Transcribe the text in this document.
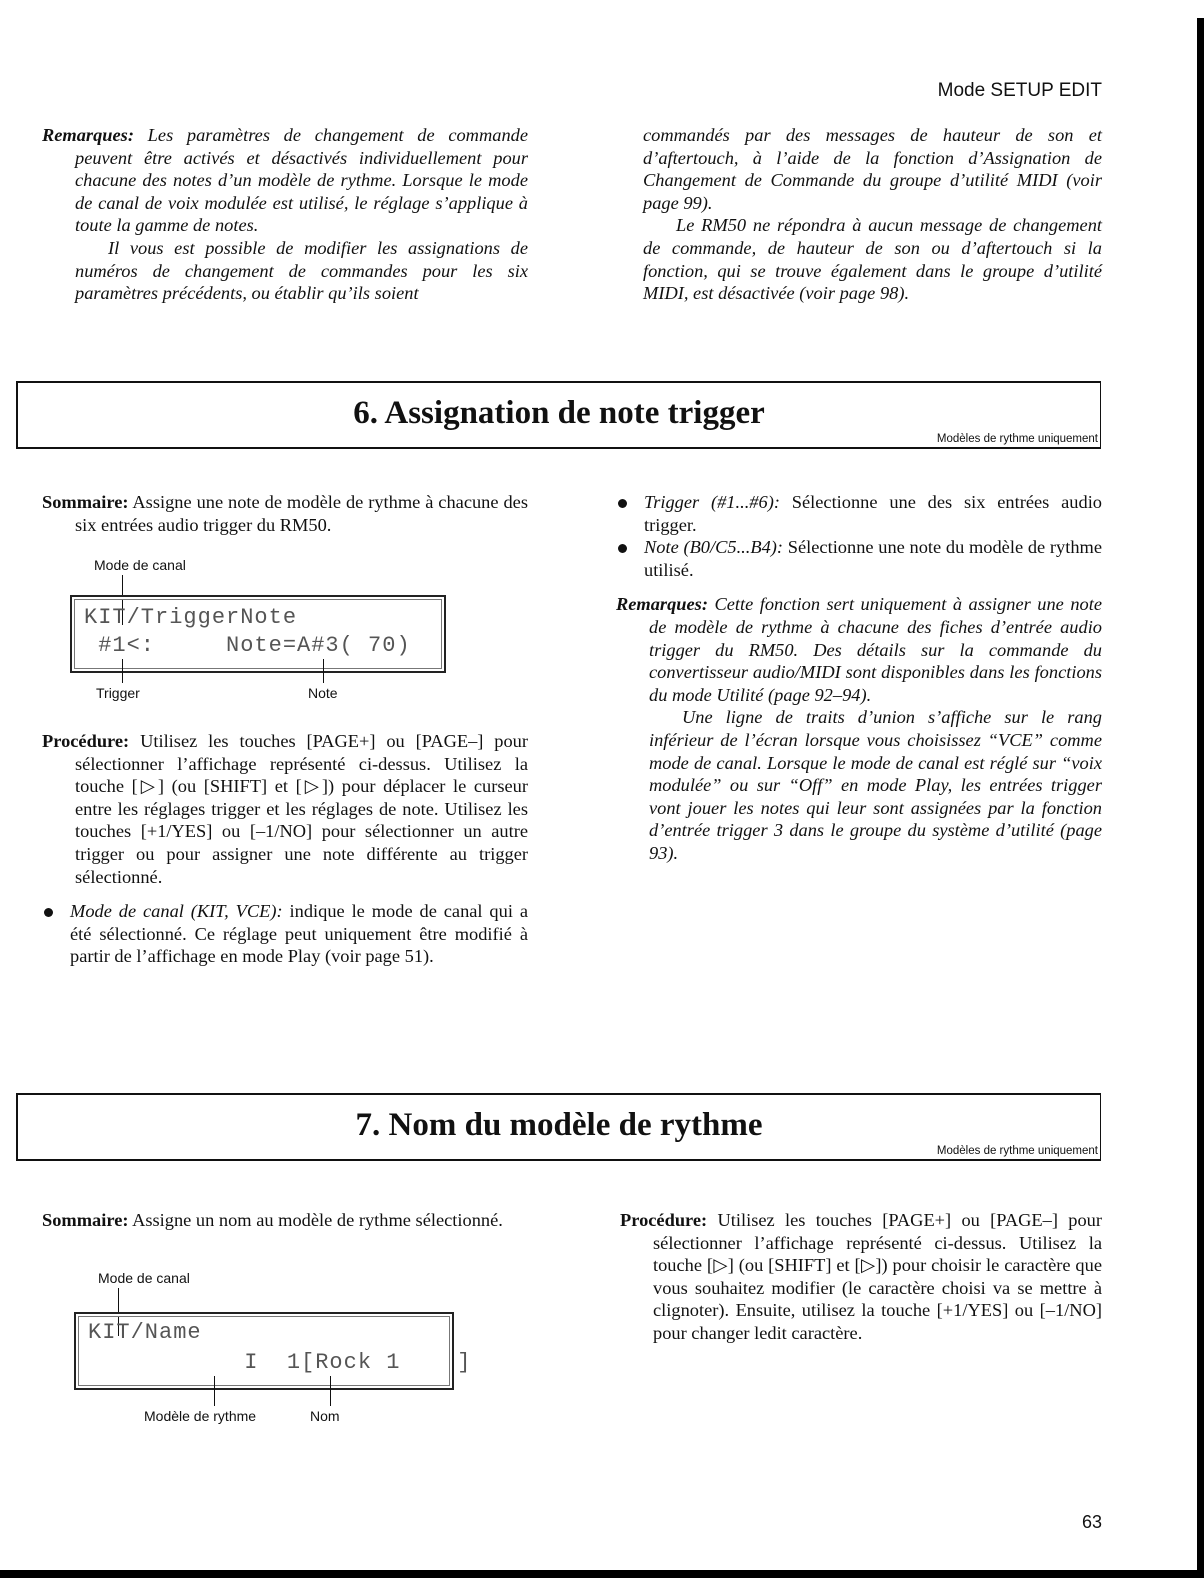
Mode SETUP EDIT

Remarques: Les paramètres de changement de commande peuvent être activés et désactivés individuellement pour chacune des notes d’un modèle de rythme. Lorsque le mode de canal de voix modulée est utilisé, le réglage s’applique à toute la gamme de notes.

Il vous est possible de modifier les assignations de numéros de changement de commandes pour les six paramètres précédents, ou établir qu’ils soient

commandés par des messages de hauteur de son et d’aftertouch, à l’aide de la fonction d’Assignation de Changement de Commande du groupe d’utilité MIDI (voir page 99).

Le RM50 ne répondra à aucun message de changement de commande, de hauteur de son ou d’aftertouch si la fonction, qui se trouve également dans le groupe d’utilité MIDI, est désactivée (voir page 98).

6. Assignation de note trigger
Modèles de rythme uniquement

Sommaire: Assigne une note de modèle de rythme à chacune des six entrées audio trigger du RM50.

Mode de canal

KIT/TriggerNote

#1<:     Note=A#3( 70)

Trigger	Note

Procédure: Utilisez les touches [PAGE+] ou [PAGE–] pour sélectionner l’affichage représenté ci-dessus. Utilisez la touche [▷] (ou [SHIFT] et [▷]) pour déplacer le curseur entre les réglages trigger et les réglages de note. Utilisez les touches [+1/YES] ou [–1/NO] pour sélectionner un autre trigger ou pour assigner une note différente au trigger sélectionné.

Mode de canal (KIT, VCE): indique le mode de canal qui a été sélectionné. Ce réglage peut uniquement être modifié à partir de l’affichage en mode Play (voir page 51).

Trigger (#1...#6): Sélectionne une des six entrées audio trigger.

Note (B0/C5...B4): Sélectionne une note du modèle de rythme utilisé.

Remarques: Cette fonction sert uniquement à assigner une note de modèle de rythme à chacune des fiches d’entrée audio trigger du RM50. Des détails sur la commande du convertisseur audio/MIDI sont disponibles dans les fonctions du mode Utilité (page 92–94).

Une ligne de traits d’union s’affiche sur le rang inférieur de l’écran lorsque vous choisissez “VCE” comme mode de canal. Lorsque le mode de canal est réglé sur “voix modulée” ou sur “Off” en mode Play, les entrées trigger vont jouer les notes qui leur sont assignées par la fonction d’entrée trigger 3 dans le groupe du système d’utilité (page 93).

7. Nom du modèle de rythme
Modèles de rythme uniquement

Sommaire: Assigne un nom au modèle de rythme sélectionné.

Mode de canal

KIT/Name

I  1[Rock 1    ]

Modèle de rythme	Nom

Procédure: Utilisez les touches [PAGE+] ou [PAGE–] pour sélectionner l’affichage représenté ci-dessus. Utilisez la touche [▷] (ou [SHIFT] et [▷]) pour choisir le caractère que vous souhaitez modifier (le caractère choisi va se mettre à clignoter). Ensuite, utilisez la touche [+1/YES] ou [–1/NO] pour changer ledit caractère.

63
